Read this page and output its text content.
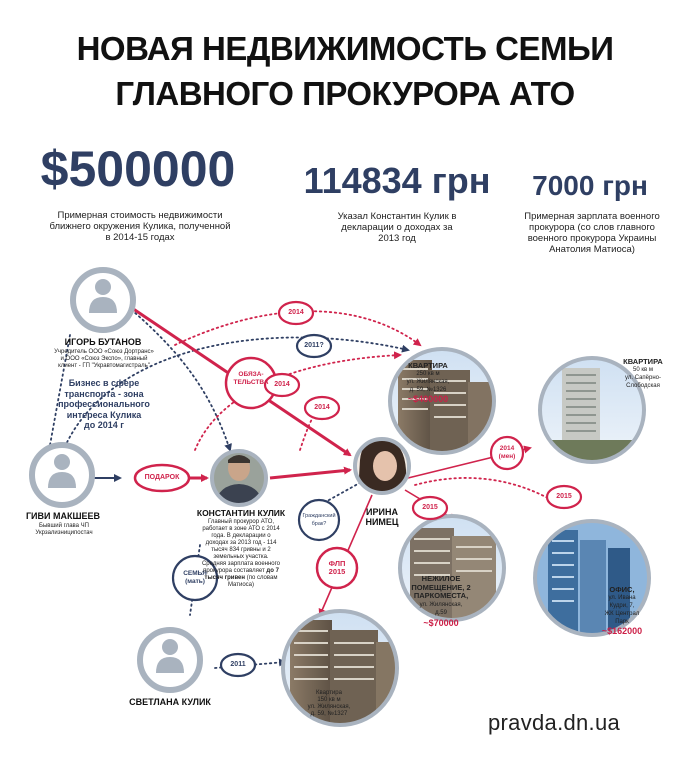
НОВАЯ НЕДВИЖИМОСТЬ СЕМЬИ
ГЛАВНОГО ПРОКУРОРА АТО
$500000
Примерная стоимость недвижимости
ближнего окружения Кулика, полученной
в 2014-15 годах
114834 грн
Указал Константин Кулик в
декларации о доходах за
2013 год
7000 грн
Примерная зарплата военного
прокурора (со слов главного
военного прокурора Украины
Анатолия Матиоса)
ОБЯЗА-
ТЕЛЬСТВА
ПОДАРОК
Гражданский
брак?
СЕМЬЯ
(мать)
ФЛП
2015
2014
2014
2014
2011?
2014
(мен)
2015
2015
2011
ИГОРЬ БУТАНОВ
Учредитель ООО «Союз Дортранс»
и ООО «Союз Экспо», главный
клиент - ГП "Укравтомагистраль"
Бизнес в сфере
транспорта - зона
профессионального
интереса Кулика
до 2014 г
ГИВИ МАКШЕЕВ
Бывший глава ЧП
Укрзализниципостач
КОНСТАНТИН КУЛИК
Главный прокурор АТО,
работает в зоне АТО с 2014
года. В декларации о
доходах за 2013 год - 114
тысяч 834 гривны и 2
земельных участка.
Средняя зарплата военного
прокурора составляет до 7
тысяч гривен (по словам
Матиоса)
ИРИНА
НИМЕЦ
СВЕТЛАНА КУЛИК
КВАРТИРА
250 кв м
ул. Жилянская,
д. 59, №1326
~$400000
КВАРТИРА
50 кв м
ул. Сапёрно-
Слободская
НЕЖИЛОЕ
ПОМЕЩЕНИЕ, 2
ПАРКОМЕСТА,
ул. Жилянская,
д.59
~$70000
ОФИС,
ул. Ивана
Кудри, 7,
ЖК Централ
Парк
~$162000
Квартира
150 кв м
ул. Жилянская,
д. 59, №1327	pravda.dn.ua
